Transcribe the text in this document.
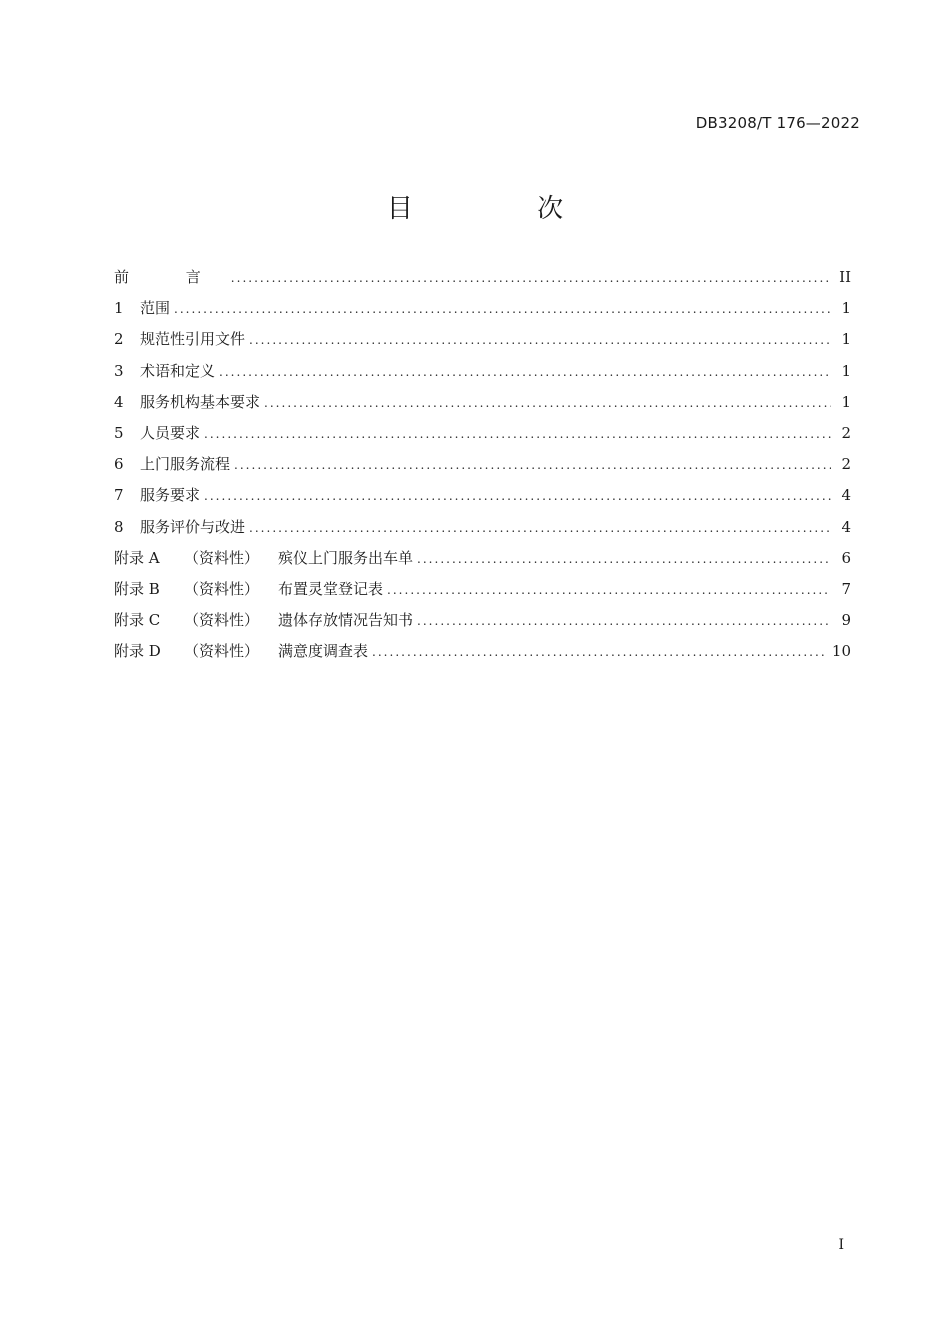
DB3208/T 176—2022
目 次
前 言 . . .	II
1	范围 . . .	1
2	规范性引用文件 . . .	1
3	术语和定义 . . .	1
4	服务机构基本要求 . . .	1
5	人员要求 . . .	2
6	上门服务流程 . . .	2
7	服务要求 . . .	4
8	服务评价与改进 . . .	4
附录 A	（资料性）	殡仪上门服务出车单 . . .	6
附录 B	（资料性）	布置灵堂登记表 . . .	7
附录 C	（资料性）	遗体存放情况告知书 . . .	9
附录 D	（资料性）	满意度调查表 . . .	10
I
